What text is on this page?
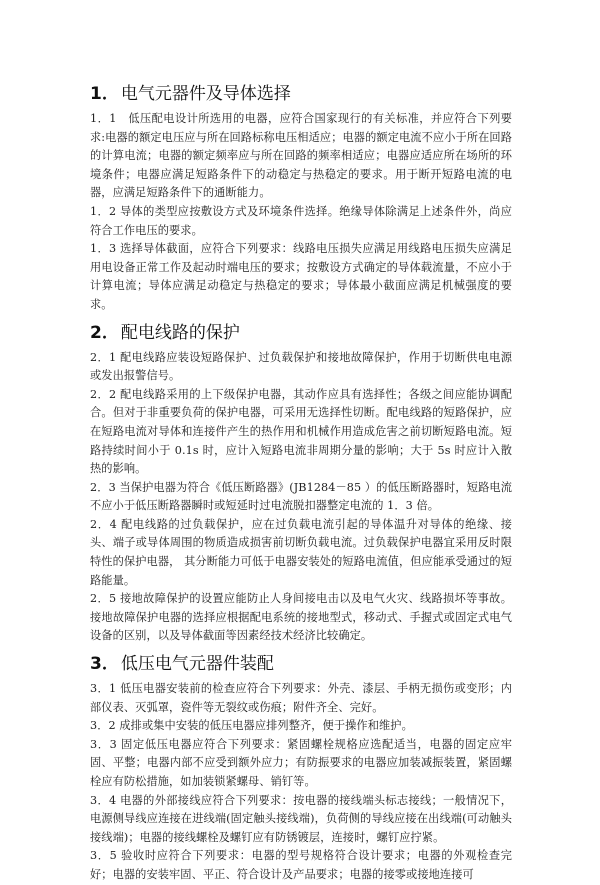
1． 电气元器件及导体选择

1．1　低压配电设计所选用的电器，应符合国家现行的有关标准，并应符合下列要求:电器的额定电压应与所在回路标称电压相适应；电器的额定电流不应小于所在回路的计算电流；电器的额定频率应与所在回路的频率相适应；电器应适应所在场所的环境条件；电器应满足短路条件下的动稳定与热稳定的要求。用于断开短路电流的电器，应满足短路条件下的通断能力。

1．2 导体的类型应按敷设方式及环境条件选择。绝缘导体除满足上述条件外，尚应符合工作电压的要求。

1．3 选择导体截面，应符合下列要求：线路电压损失应满足用线路电压损失应满足用电设备正常工作及起动时端电压的要求；按敷设方式确定的导体载流量，不应小于计算电流；导体应满足动稳定与热稳定的要求；导体最小截面应满足机械强度的要求。

2． 配电线路的保护

2．1 配电线路应装设短路保护、过负载保护和接地故障保护，作用于切断供电电源或发出报警信号。

2．2 配电线路采用的上下级保护电器，其动作应具有选择性；各级之间应能协调配合。但对于非重要负荷的保护电器，可采用无选择性切断。配电线路的短路保护，应在短路电流对导体和连接件产生的热作用和机械作用造成危害之前切断短路电流。短路持续时间小于 0.1s 时，应计入短路电流非周期分量的影响；大于 5s 时应计入散热的影响。

2．3 当保护电器为符合《低压断路器》(JB1284－85 ）的低压断路器时，短路电流不应小于低压断路器瞬时或短延时过电流脱扣器整定电流的 1．3 倍。

2．4 配电线路的过负载保护，应在过负载电流引起的导体温升对导体的绝缘、接头、端子或导体周围的物质造成损害前切断负载电流。过负载保护电器宜采用反时限特性的保护电器， 其分断能力可低于电器安装处的短路电流值，但应能承受通过的短路能量。

2．5 接地故障保护的设置应能防止人身间接电击以及电气火灾、线路损坏等事故。接地故障保护电器的选择应根据配电系统的接地型式，移动式、手握式或固定式电气设备的区别，以及导体截面等因素经技术经济比较确定。

3． 低压电气元器件装配

3．1 低压电器安装前的检查应符合下列要求：外壳、漆层、手柄无损伤或变形；内部仪表、灭弧罩，瓷件等无裂纹或伤痕；附件齐全、完好。

3．2 成排或集中安装的低压电器应排列整齐，便于操作和维护。

3．3 固定低压电器应符合下列要求：紧固螺栓规格应选配适当，电器的固定应牢固、平整；电器内部不应受到额外应力；有防振要求的电器应加装减振装置，紧固螺栓应有防松措施，如加装锁紧螺母、销钉等。

3．4 电器的外部接线应符合下列要求：按电器的接线端头标志接线；一般情况下，电源侧导线应连接在进线端(固定触头接线端)，负荷侧的导线应接在出线端(可动触头接线端)；电器的接线螺栓及螺钉应有防锈镀层，连接时，螺钉应拧紧。

3．5 验收时应符合下列要求：电器的型号规格符合设计要求；电器的外观检查完好；电器的安装牢固、平正、符合设计及产品要求；电器的接零或接地连接可
